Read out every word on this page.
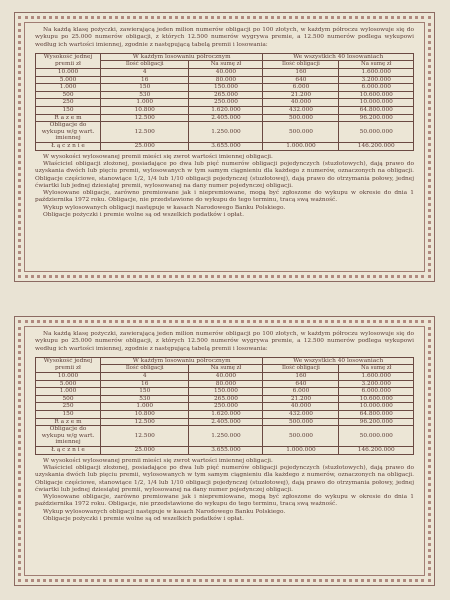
Na każdą klasę pożyczki, zawierającą jeden milion numerów obligacji po 100 złotych, w każdym półroczu wylosowuje się do wykupu po 25.000 numerów obligacji, z których 12.500 numerów wygrywa premie, a 12.500 numerów podlega wykupowi według ich wartości imiennej, zgodnie z następującą tabelą premii i losowania:

Wysokość jednej premii zł	W każdym losowaniu półrocznym		We wszystkich 40 losowaniach	
	Ilość obligacji	Na sumę zł	Ilość obligacji	Na sumę zł
10.000	4	40.000	160	1.600.000
5.000	16	80.000	640	3.200.000
1.000	150	150.000	6.000	6.000.000
500	530	265.000	21.200	10.600.000
250	1.000	250.000	40.000	10.000.000
150	10.800	1.620.000	432.000	64.800.000
R a z e m	12.500	2.405.000	500.000	96.200.000
Obligacje do wykupu w/g wart. imiennej	12.500	1.250.000	500.000	50.000.000
Ł ą c z n i e	25.000	3.655.000	1.000.000	146.200.000

W wysokości wylosowanej premii mieści się zwrot wartości imiennej obligacji.

Właściciel obligacji złożonej, posiadające po dwa lub pięć numerów obligacji pojedynczych (stuzłotowych), dają prawo do uzyskania dwóch lub pięciu premii, wylosowanych w tym samym ciągnieniu dla każdego z numerów, oznaczonych na obligacji. Obligacje częściowe, stanowiące 1/2, 1/4 lub 1/10 obligacji pojedynczej (stuzłotowej), dają prawo do otrzymania połowy, jednej ćwiartki lub jednej dziesiątej premii, wylosowanej na dany numer pojedynczej obligacji.

Wylosowane obligacje, zarówno premiowane jak i niepremiowane, mogą być zgłoszone do wykupu w okresie do dnia 1 października 1972 roku. Obligacje, nie przedstawione do wykupu do tego terminu, tracą swą ważność.

Wykup wylosowanych obligacji następuje w kasach Narodowego Banku Polskiego.

Obligacje pożyczki i premie wolne są od wszelkich podatków i opłat.

Na każdą klasę pożyczki, zawierającą jeden milion numerów obligacji po 100 złotych, w każdym półroczu wylosowuje się do wykupu po 25.000 numerów obligacji, z których 12.500 numerów wygrywa premie, a 12.500 numerów podlega wykupowi według ich wartości imiennej, zgodnie z następującą tabelą premii i losowania:

Wysokość jednej premii zł	W każdym losowaniu półrocznym		We wszystkich 40 losowaniach	
	Ilość obligacji	Na sumę zł	Ilość obligacji	Na sumę zł
10.000	4	40.000	160	1.600.000
5.000	16	80.000	640	3.200.000
1.000	150	150.000	6.000	6.000.000
500	530	265.000	21.200	10.600.000
250	1.000	250.000	40.000	10.000.000
150	10.800	1.620.000	432.000	64.800.000
R a z e m	12.500	2.405.000	500.000	96.200.000
Obligacje do wykupu w/g wart. imiennej	12.500	1.250.000	500.000	50.000.000
Ł ą c z n i e	25.000	3.655.000	1.000.000	146.200.000

W wysokości wylosowanej premii mieści się zwrot wartości imiennej obligacji.

Właściciel obligacji złożonej, posiadające po dwa lub pięć numerów obligacji pojedynczych (stuzłotowych), dają prawo do uzyskania dwóch lub pięciu premii, wylosowanych w tym samym ciągnieniu dla każdego z numerów, oznaczonych na obligacji. Obligacje częściowe, stanowiące 1/2, 1/4 lub 1/10 obligacji pojedynczej (stuzłotowej), dają prawo do otrzymania połowy, jednej ćwiartki lub jednej dziesiątej premii, wylosowanej na dany numer pojedynczej obligacji.

Wylosowane obligacje, zarówno premiowane jak i niepremiowane, mogą być zgłoszone do wykupu w okresie do dnia 1 października 1972 roku. Obligacje, nie przedstawione do wykupu do tego terminu, tracą swą ważność.

Wykup wylosowanych obligacji następuje w kasach Narodowego Banku Polskiego.

Obligacje pożyczki i premie wolne są od wszelkich podatków i opłat.
